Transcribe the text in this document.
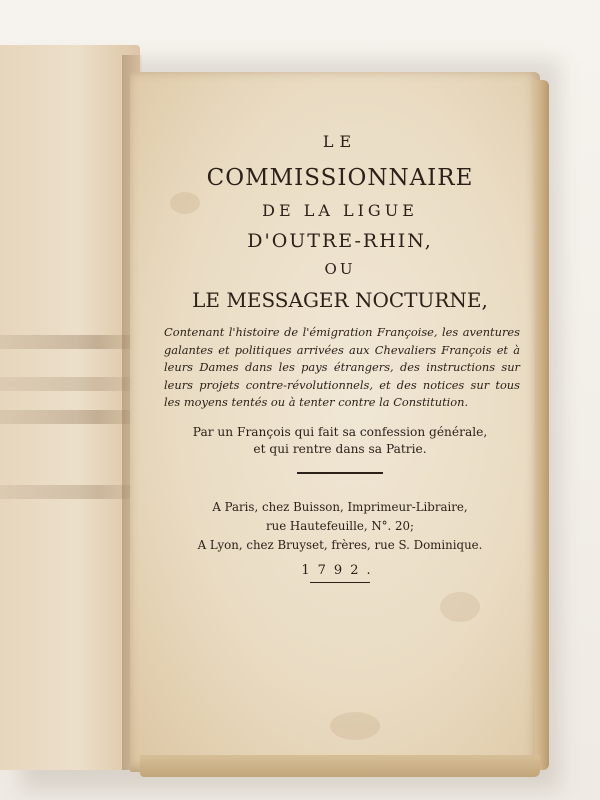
LE
COMMISSIONNAIRE
DE LA LIGUE
D'OUTRE-RHIN,
OU
LE MESSAGER NOCTURNE,
Contenant l'histoire de l'émigration Françoise, les aventures galantes et politiques arrivées aux Chevaliers François et à leurs Dames dans les pays étrangers, des instructions sur leurs projets contre-révolutionnels, et des notices sur tous les moyens tentés ou à tenter contre la Constitution.
Par un François qui fait sa confession générale,
et qui rentre dans sa Patrie.
A Paris, chez Buisson, Imprimeur-Libraire,
rue Hautefeuille, N°. 20;
A Lyon, chez Bruyset, frères, rue S. Dominique.
1792.
